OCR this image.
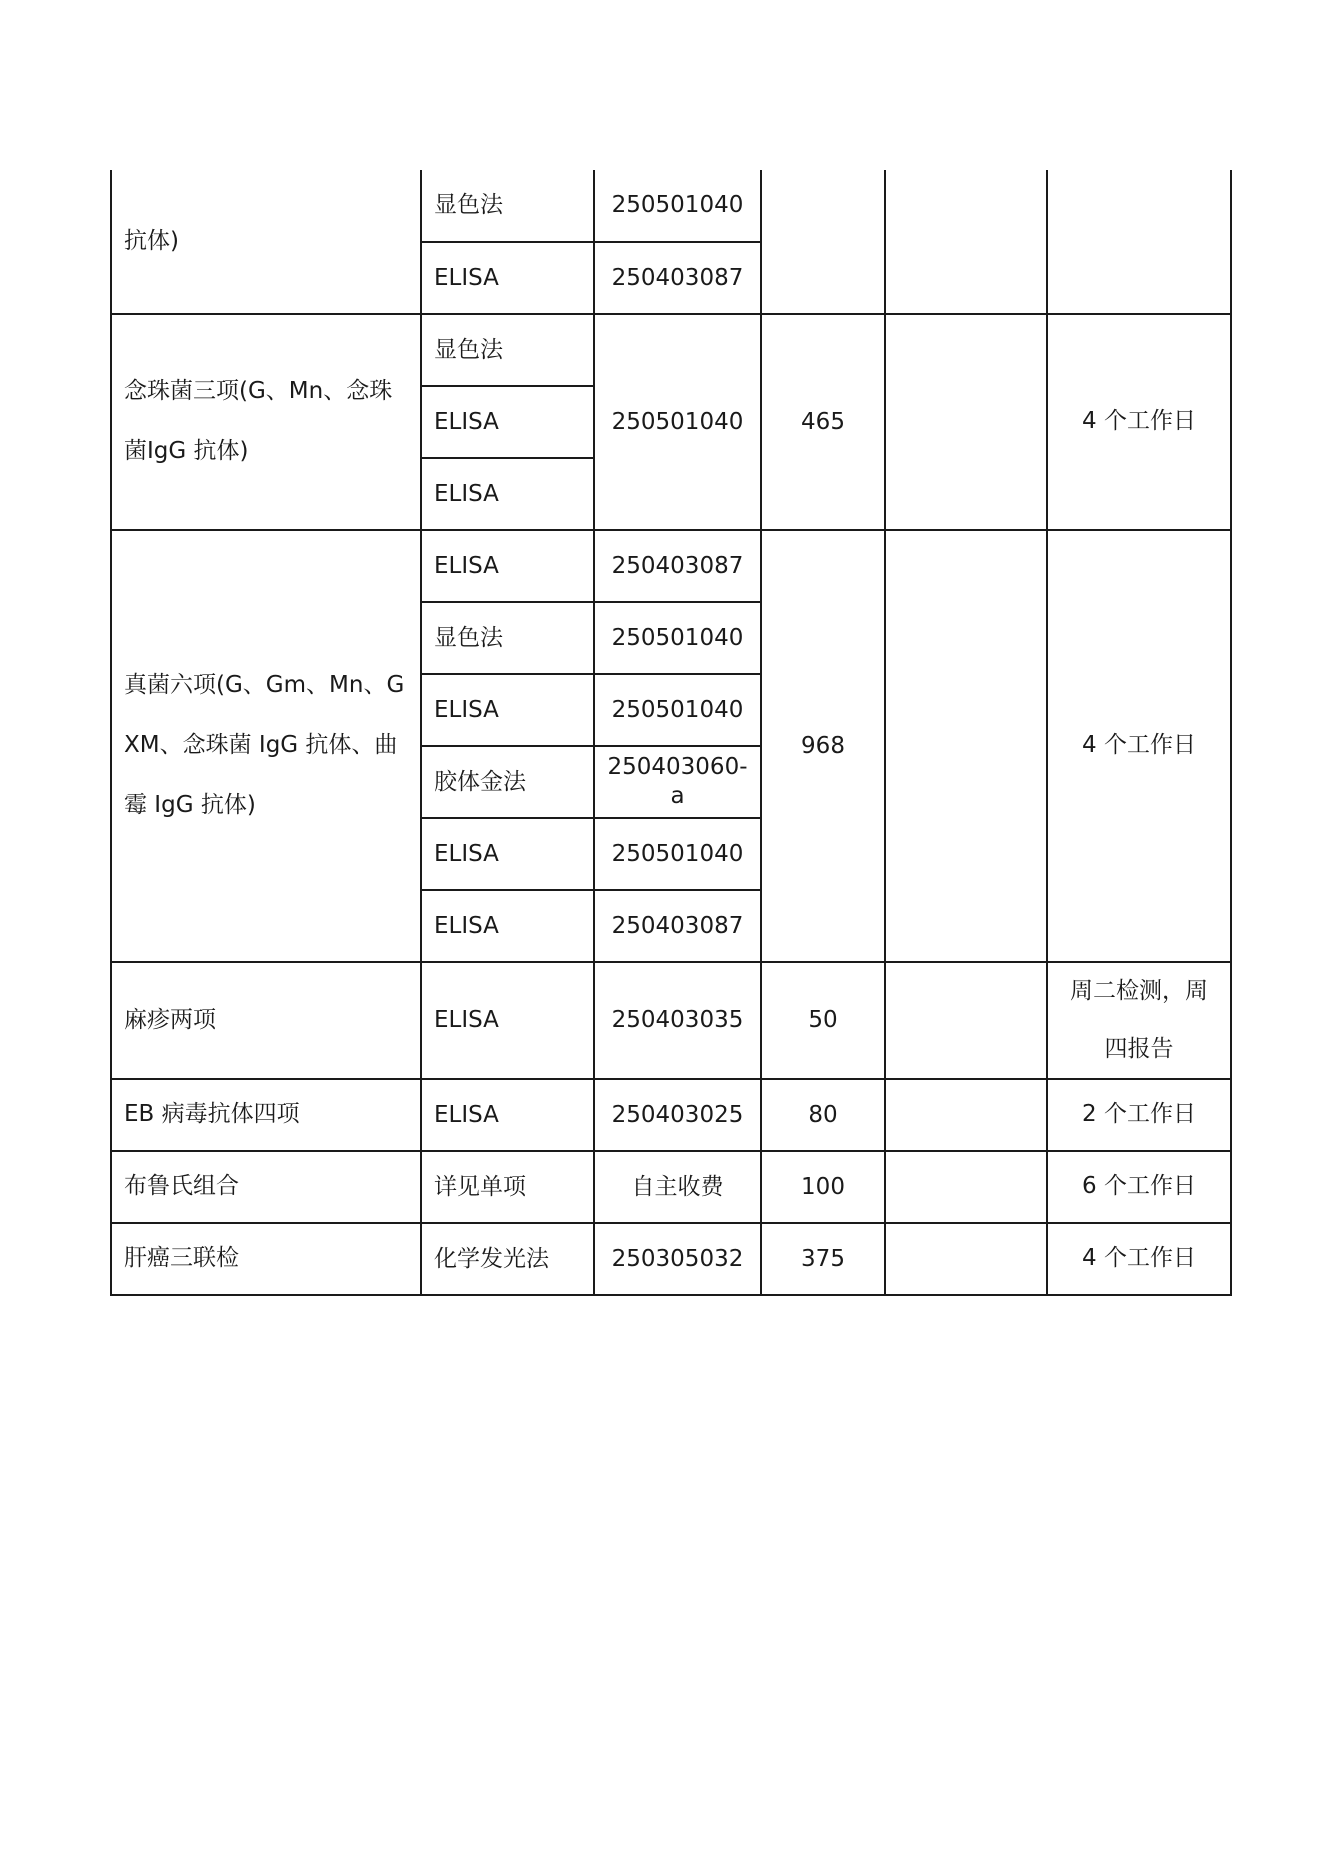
抗体)	显色法	250501040			
	ELISA	250403087			
念珠菌三项(G、Mn、念珠菌IgG 抗体)	显色法	250501040	465		4 个工作日
	ELISA				
	ELISA				
真菌六项(G、Gm、Mn、GXM、念珠菌 IgG 抗体、曲霉 IgG 抗体)	ELISA	250403087	968		4 个工作日
	显色法	250501040			
	ELISA	250501040			
	胶体金法	250403060-a			
	ELISA	250501040			
	ELISA	250403087			
麻疹两项	ELISA	250403035	50		周二检测，周四报告
EB 病毒抗体四项	ELISA	250403025	80		2 个工作日
布鲁氏组合	详见单项	自主收费	100		6 个工作日
肝癌三联检	化学发光法	250305032	375		4 个工作日
